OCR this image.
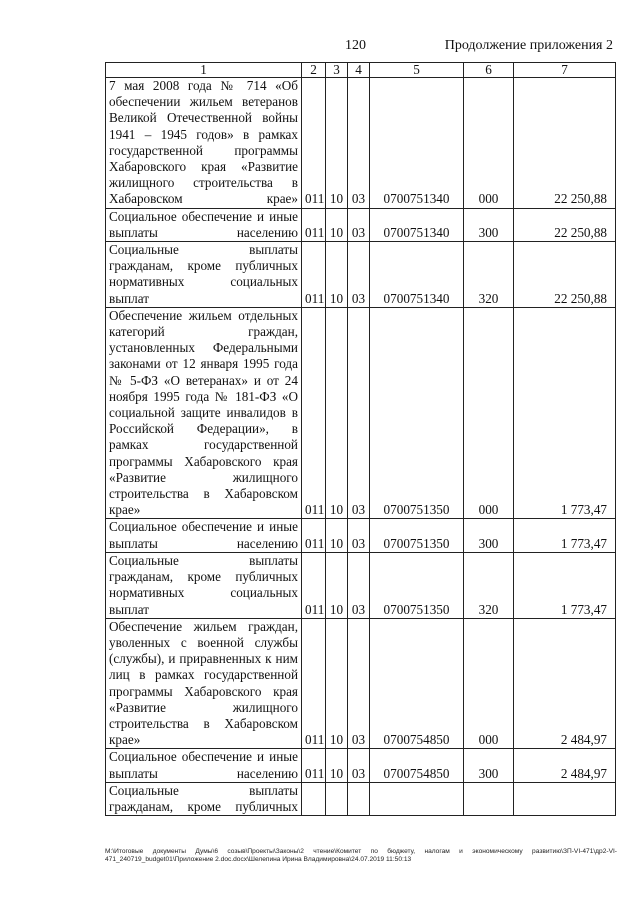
120	Продолжение приложения 2
1	2	3	4	5	6	7
7 мая 2008 года № 714 «Об обеспечении жильем ветеранов Великой Отечественной войны 1941 – 1945 годов» в рамках государственной программы Хабаровского края «Развитие жилищного строительства в Хабаровском крае»	011	10	03	0700751340	000	22 250,88
Социальное обеспечение и иные выплаты населению	011	10	03	0700751340	300	22 250,88
Социальные выплаты гражданам, кроме публичных нормативных социальных выплат	011	10	03	0700751340	320	22 250,88
Обеспечение жильем отдельных категорий граждан, установленных Федеральными законами от 12 января 1995 года № 5-ФЗ «О ветеранах» и от 24 ноября 1995 года № 181-ФЗ «О социальной защите инвалидов в Российской Федерации», в рамках государственной программы Хабаровского края «Развитие жилищного строительства в Хабаровском крае»	011	10	03	0700751350	000	1 773,47
Социальное обеспечение и иные выплаты населению	011	10	03	0700751350	300	1 773,47
Социальные выплаты гражданам, кроме публичных нормативных социальных выплат	011	10	03	0700751350	320	1 773,47
Обеспечение жильем граждан, уволенных с военной службы (службы), и приравненных к ним лиц в рамках государственной программы Хабаровского края «Развитие жилищного строительства в Хабаровском крае»	011	10	03	0700754850	000	2 484,97
Социальное обеспечение и иные выплаты населению	011	10	03	0700754850	300	2 484,97
Социальные выплаты гражданам, кроме публичных						
M:\Итоговые документы Думы\6 созыв\Проекты\Законы\2 чтение\Комитет по бюджету, налогам и экономическому развитию\ЗП-VI-471\др2-VI-471_240719_budget01\Приложение 2.doc.docx\Шелепина Ирина Владимировна\24.07.2019 11:50:13
